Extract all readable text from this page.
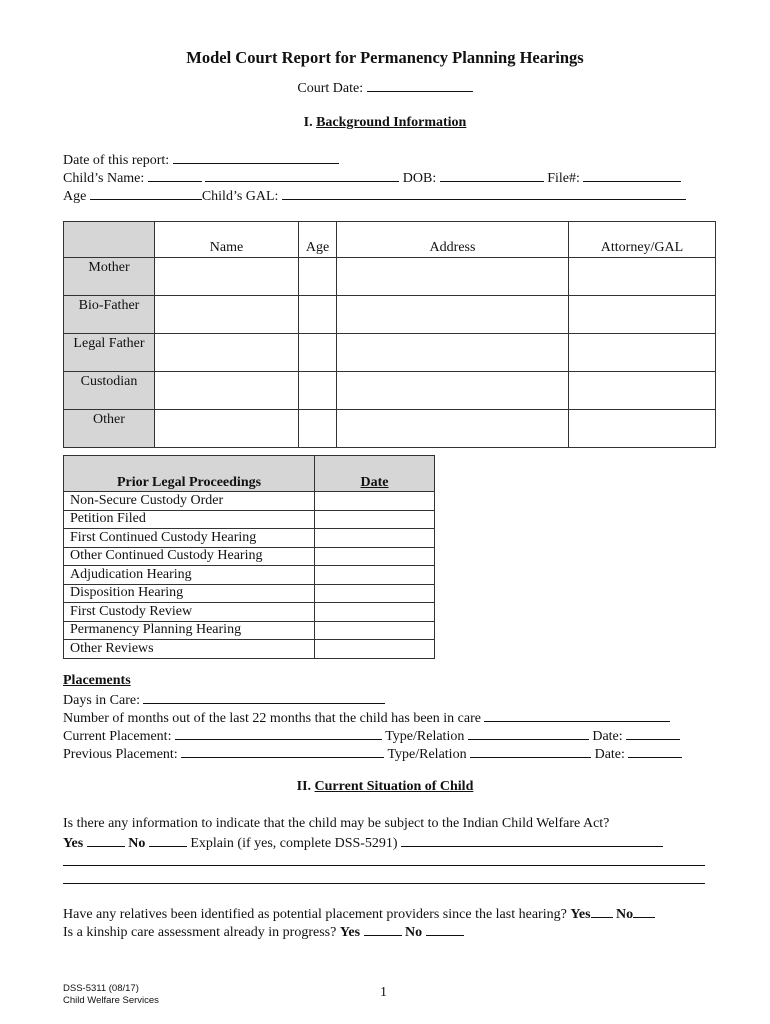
Model Court Report for Permanency Planning Hearings
Court Date:
I. Background Information
Date of this report:
Child’s Name:	DOB:	File#:
Age	Child’s GAL:
	Name	Age	Address	Attorney/GAL
Mother				
Bio-Father				
Legal Father				
Custodian				
Other				
Prior Legal Proceedings	Date
Non-Secure Custody Order	
Petition Filed	
First Continued Custody Hearing	
Other Continued Custody Hearing	
Adjudication Hearing	
Disposition Hearing	
First Custody Review	
Permanency Planning Hearing	
Other Reviews	
Placements
Days in Care:
Number of months out of the last 22 months that the child has been in care
Current Placement:	Type/Relation	Date:
Previous Placement:	Type/Relation	Date:
II. Current Situation of Child
Is there any information to indicate that the child may be subject to the Indian Child Welfare Act?
Yes	No	Explain (if yes, complete DSS-5291)
Have any relatives been identified as potential placement providers since the last hearing? Yes No
Is a kinship care assessment already in progress? Yes	No
DSS-5311 (08/17)
Child Welfare Services
1
